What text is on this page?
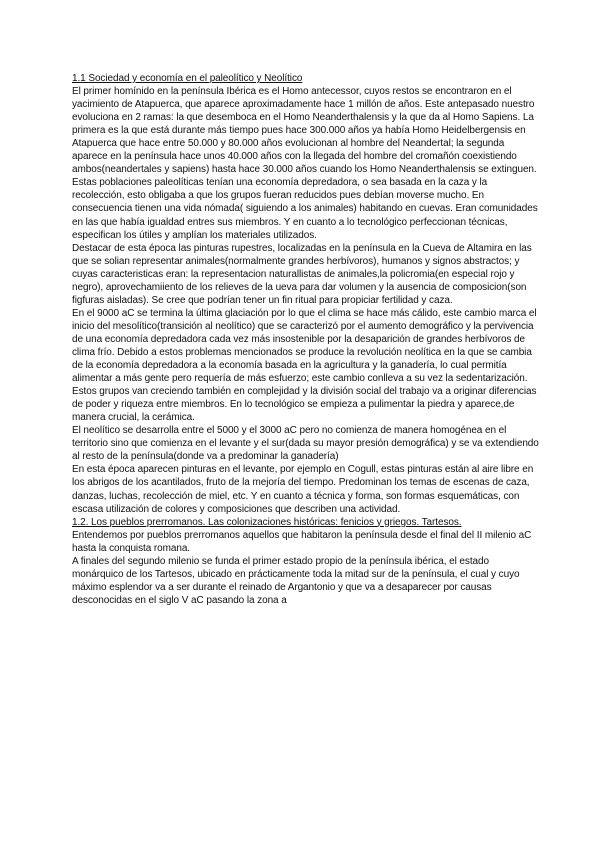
1.1 Sociedad y economía en el paleolítico y Neolítico

El primer homínido en la península Ibérica es el Homo antecessor, cuyos restos se encontraron en el yacimiento de Atapuerca, que aparece aproximadamente hace 1 millón de años. Este antepasado nuestro evoluciona en 2 ramas: la que desemboca en el Homo Neanderthalensis y la que da al Homo Sapiens. La primera es la que está durante más tiempo pues hace 300.000 años ya había Homo Heidelbergensis en Atapuerca que hace entre 50.000 y 80.000 años evolucionan al hombre del Neandertal; la segunda aparece en la península hace unos 40.000 años con la llegada del hombre del cromañón coexistiendo ambos(neandertales y sapiens) hasta hace 30.000 años cuando los Homo Neanderthalensis se extinguen.

Estas poblaciones paleolíticas tenían una economía depredadora, o sea basada en la caza y la recolección, esto obligaba a que los grupos fueran reducidos pues debían moverse mucho. En consecuencia tienen una vida nómada( siguiendo a los animales) habitando en cuevas. Eran comunidades en las que había igualdad entres sus miembros. Y en cuanto a lo tecnológico perfeccionan técnicas, especifican los útiles y amplían los materiales utilizados.

Destacar de esta época las pinturas rupestres, localizadas en la península en la Cueva de Altamira en las que se solian representar animales(normalmente grandes herbívoros), humanos y signos abstractos; y cuyas caracteristicas eran: la representacion naturallistas de animales,la policromia(en especial rojo y negro), aprovechamiiento de los relieves de la ueva para dar volumen y la ausencia de composicion(son figfuras aisladas). Se cree que podrían tener un fin ritual para propiciar fertilidad y caza.

En el 9000 aC se termina la última glaciación por lo que el clima se hace más cálido, este cambio marca el inicio del mesolítico(transición al neolítico) que se caracterizó por el aumento demográfico y la pervivencia de una economía depredadora cada vez más insostenible por la desaparición de grandes herbívoros de clima frío. Debido a estos problemas mencionados se produce la revolución neolítica en la que se cambia de la economía depredadora a la economía basada en la agricultura y la ganadería, lo cual permitía alimentar a más gente pero requería de más esfuerzo; este cambio conlleva a su vez la sedentarización. Estos grupos van creciendo también en complejidad y la división social del trabajo va a originar diferencias de poder y riqueza entre miembros. En lo tecnológico se empieza a pulimentar la piedra y aparece,de manera crucial, la cerámica.

El neolítico se desarrolla entre el 5000 y el 3000 aC pero no comienza de manera homogénea en el territorio sino que comienza en el levante y el sur(dada su mayor presión demográfica) y se va extendiendo al resto de la península(donde va a predominar la ganadería)

En esta época aparecen pinturas en el levante, por ejemplo en Cogull, estas pinturas están al aire libre en los abrigos de los acantilados, fruto de la mejoría del tiempo. Predominan los temas de escenas de caza, danzas, luchas, recolección de miel, etc. Y en cuanto a técnica y forma, son formas esquemáticas, con escasa utilización de colores y composiciones que describen una actividad.

1.2. Los pueblos prerromanos. Las colonizaciones históricas: fenicios y griegos. Tartesos.

Entendemos por pueblos prerromanos aquellos que habitaron la península desde el final del II milenio aC hasta la conquista romana.

A finales del segundo milenio se funda el primer estado propio de la península ibérica, el estado monárquico de los Tartesos, ubicado en prácticamente toda la mitad sur de la península, el cual y cuyo máximo esplendor va a ser durante el reinado de Argantonio y que va a desaparecer por causas desconocidas en el siglo V aC pasando la zona a
